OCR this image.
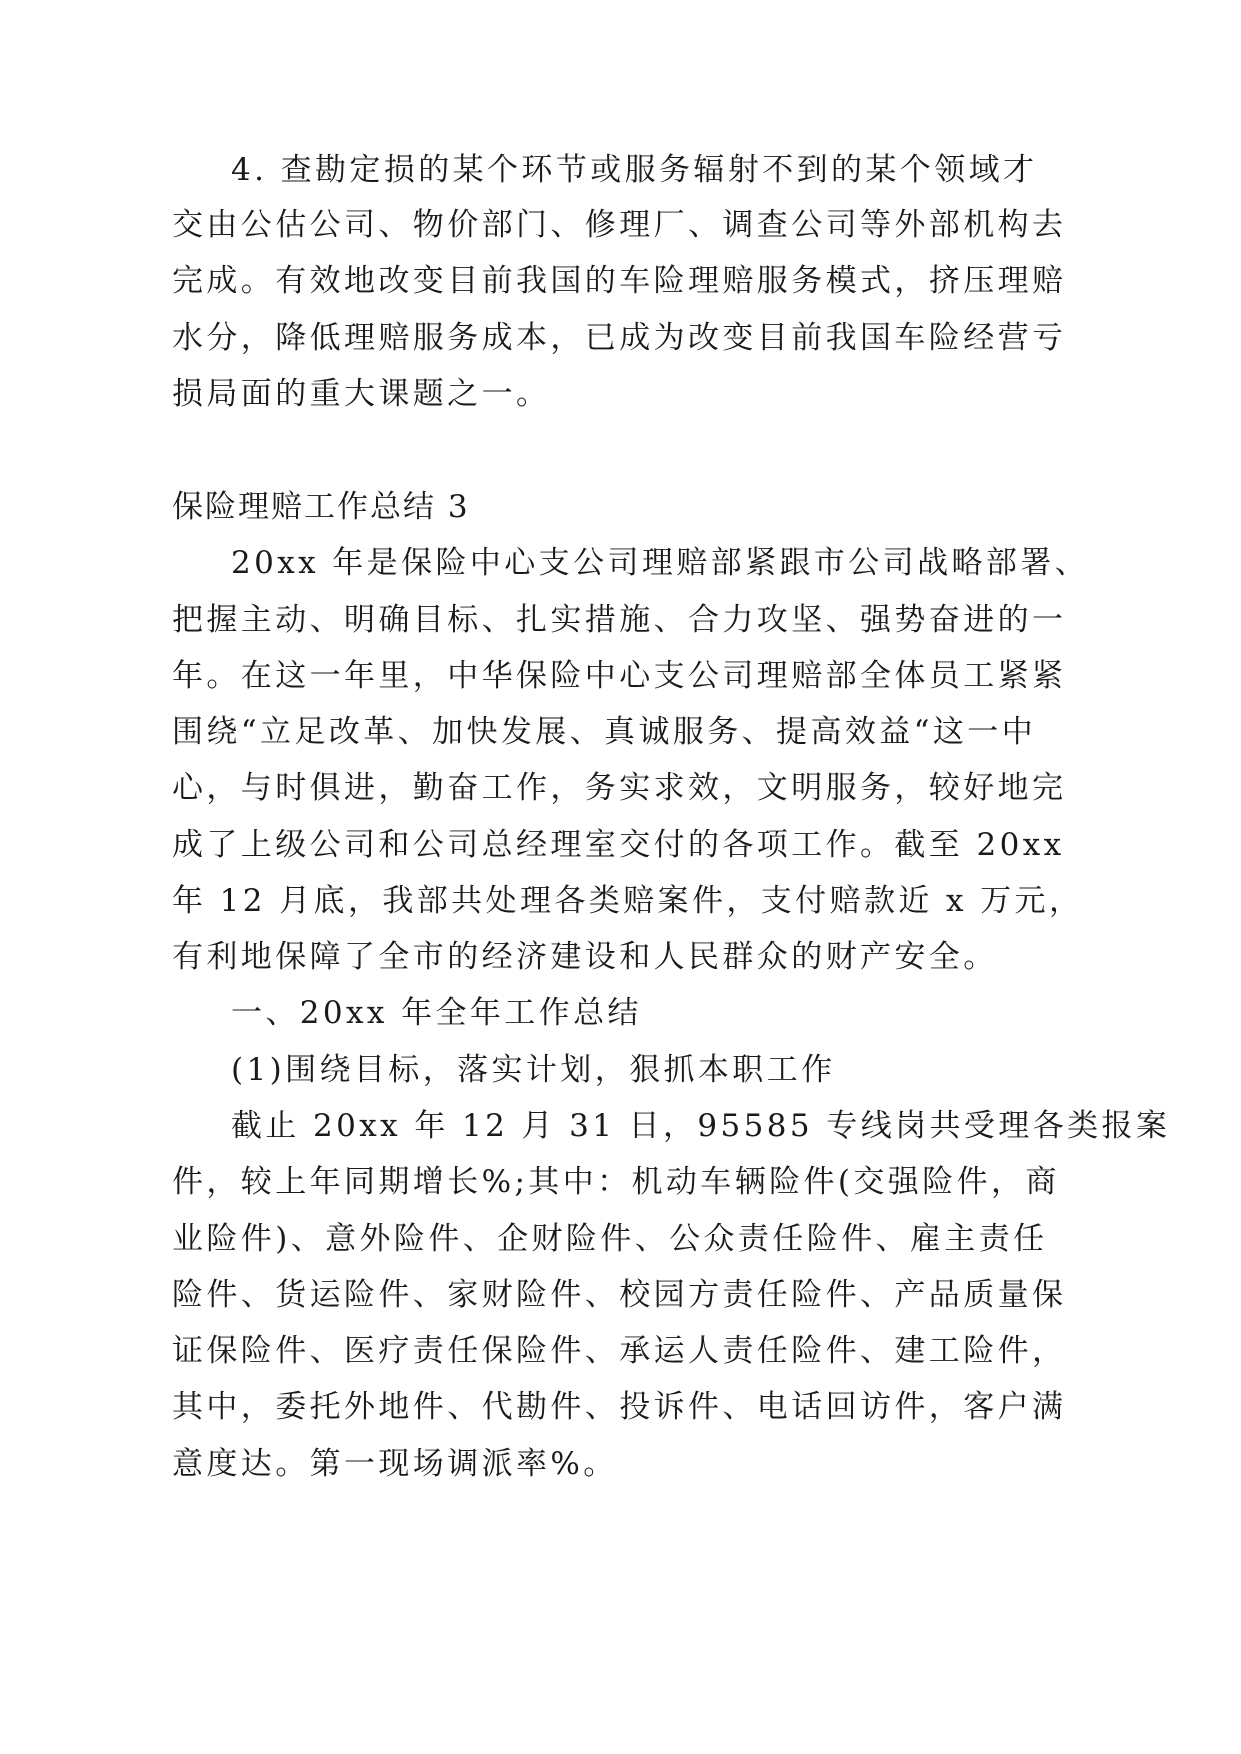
4. 查勘定损的某个环节或服务辐射不到的某个领域才
交由公估公司、物价部门、修理厂、调查公司等外部机构去
完成。有效地改变目前我国的车险理赔服务模式，挤压理赔
水分，降低理赔服务成本，已成为改变目前我国车险经营亏
损局面的重大课题之一。
保险理赔工作总结 3
20xx 年是保险中心支公司理赔部紧跟市公司战略部署、
把握主动、明确目标、扎实措施、合力攻坚、强势奋进的一
年。在这一年里，中华保险中心支公司理赔部全体员工紧紧
围绕“立足改革、加快发展、真诚服务、提高效益“这一中
心，与时俱进，勤奋工作，务实求效，文明服务，较好地完
成了上级公司和公司总经理室交付的各项工作。截至 20xx
年 12 月底，我部共处理各类赔案件，支付赔款近 x 万元，
有利地保障了全市的经济建设和人民群众的财产安全。
一、20xx 年全年工作总结
(1)围绕目标，落实计划，狠抓本职工作
截止 20xx 年 12 月 31 日，95585 专线岗共受理各类报案
件，较上年同期增长%;其中：机动车辆险件(交强险件，商
业险件)、意外险件、企财险件、公众责任险件、雇主责任
险件、货运险件、家财险件、校园方责任险件、产品质量保
证保险件、医疗责任保险件、承运人责任险件、建工险件，
其中，委托外地件、代勘件、投诉件、电话回访件，客户满
意度达。第一现场调派率%。
